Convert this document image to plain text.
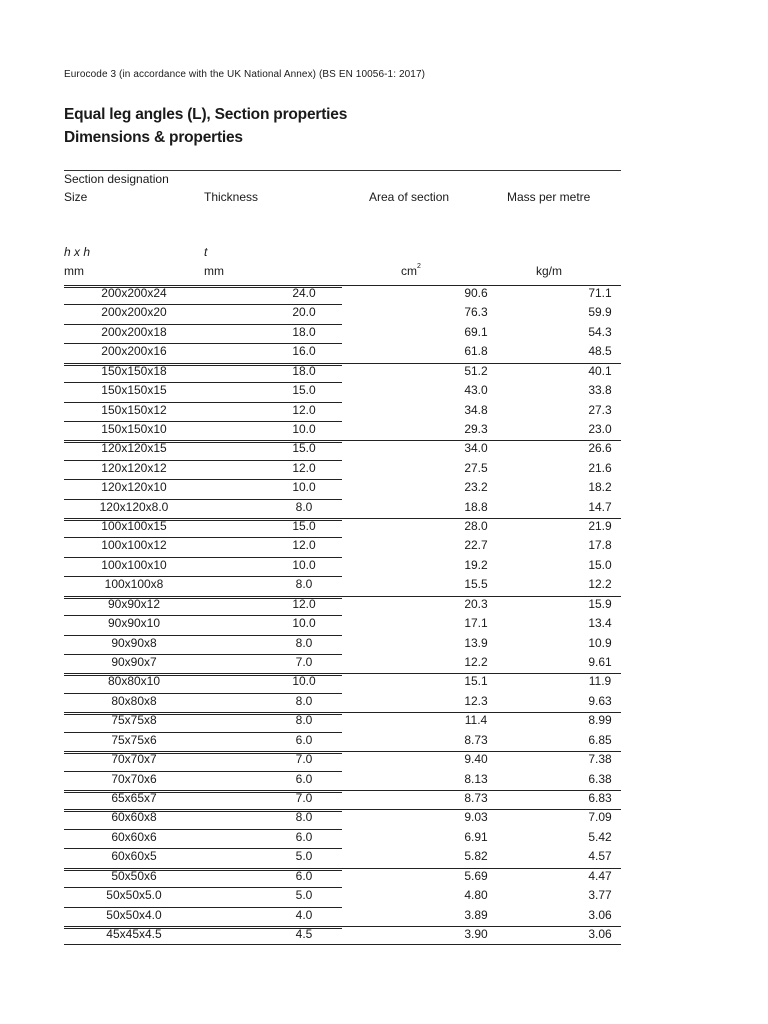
Eurocode 3 (in accordance with the UK National Annex) (BS EN 10056-1: 2017)
Equal leg angles (L), Section properties
Dimensions & properties
Section designation
Size	Thickness	Area of section	Mass per metre
h x h	t
mm	mm	$cm^2$	kg/m
200x200x24	24.0	90.6	71.1
200x200x20	20.0	76.3	59.9
200x200x18	18.0	69.1	54.3
200x200x16	16.0	61.8	48.5
150x150x18	18.0	51.2	40.1
150x150x15	15.0	43.0	33.8
150x150x12	12.0	34.8	27.3
150x150x10	10.0	29.3	23.0
120x120x15	15.0	34.0	26.6
120x120x12	12.0	27.5	21.6
120x120x10	10.0	23.2	18.2
120x120x8.0	8.0	18.8	14.7
100x100x15	15.0	28.0	21.9
100x100x12	12.0	22.7	17.8
100x100x10	10.0	19.2	15.0
100x100x8	8.0	15.5	12.2
90x90x12	12.0	20.3	15.9
90x90x10	10.0	17.1	13.4
90x90x8	8.0	13.9	10.9
90x90x7	7.0	12.2	9.61
80x80x10	10.0	15.1	11.9
80x80x8	8.0	12.3	9.63
75x75x8	8.0	11.4	8.99
75x75x6	6.0	8.73	6.85
70x70x7	7.0	9.40	7.38
70x70x6	6.0	8.13	6.38
65x65x7	7.0	8.73	6.83
60x60x8	8.0	9.03	7.09
60x60x6	6.0	6.91	5.42
60x60x5	5.0	5.82	4.57
50x50x6	6.0	5.69	4.47
50x50x5.0	5.0	4.80	3.77
50x50x4.0	4.0	3.89	3.06
45x45x4.5	4.5	3.90	3.06
